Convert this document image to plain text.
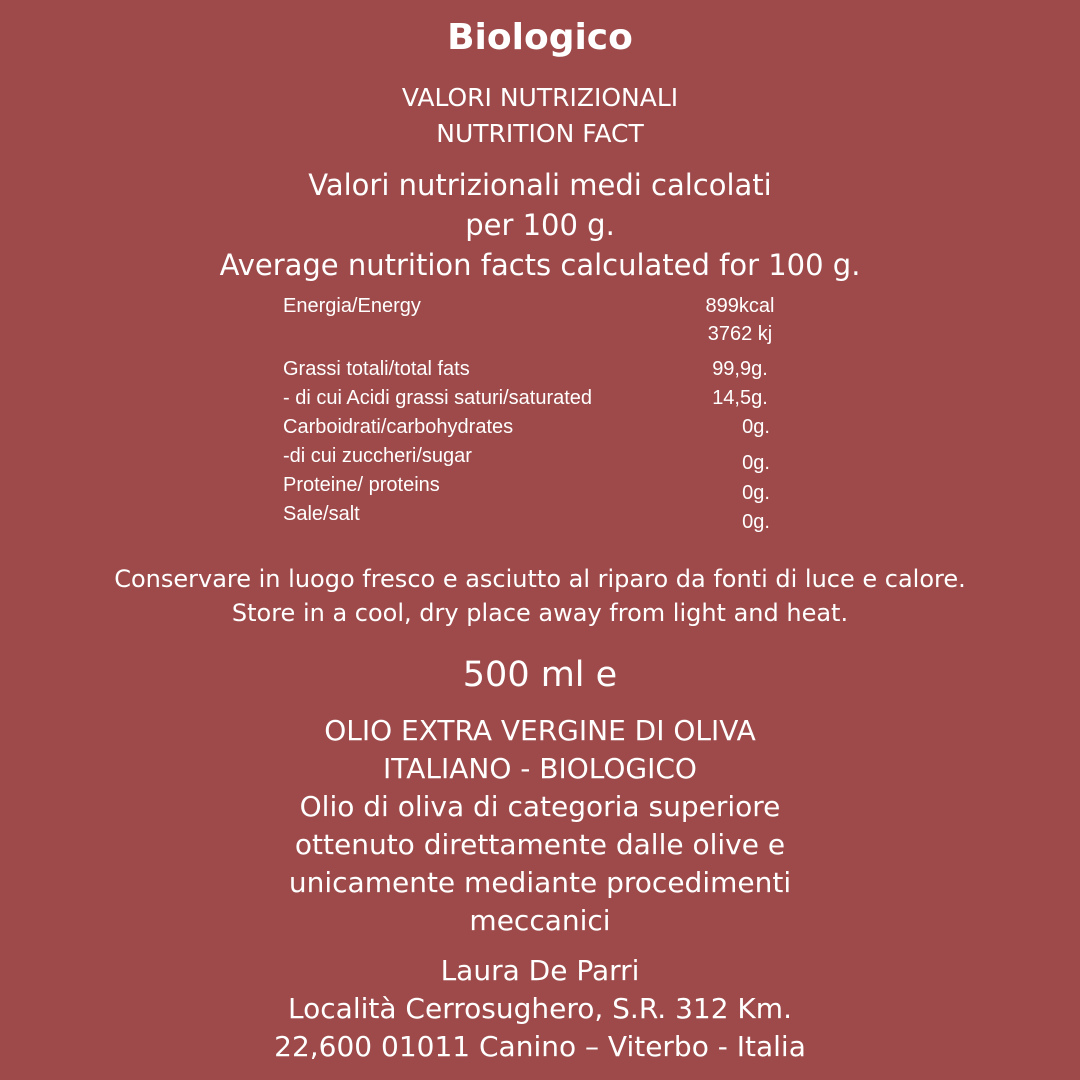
Biologico
VALORI NUTRIZIONALI
NUTRITION FACT
Valori nutrizionali medi calcolati
per 100 g.
Average nutrition facts calculated for 100 g.
Energia/Energy	899kcal
3762 kj
Grassi totali/total fats	99,9g.
- di cui Acidi grassi saturi/saturated	14,5g.
Carboidrati/carbohydrates	0g.
-di cui zuccheri/sugar	0g.
Proteine/ proteins	0g.
Sale/salt	0g.
Conservare in luogo fresco e asciutto al riparo da fonti di luce e calore.
Store in a cool, dry place away from light and heat.
500 ml e
OLIO EXTRA VERGINE DI OLIVA
ITALIANO - BIOLOGICO
Olio di oliva di categoria superiore
ottenuto direttamente dalle olive e
unicamente mediante procedimenti
meccanici
Laura De Parri
Località Cerrosughero, S.R. 312 Km.
22,600 01011 Canino – Viterbo - Italia
